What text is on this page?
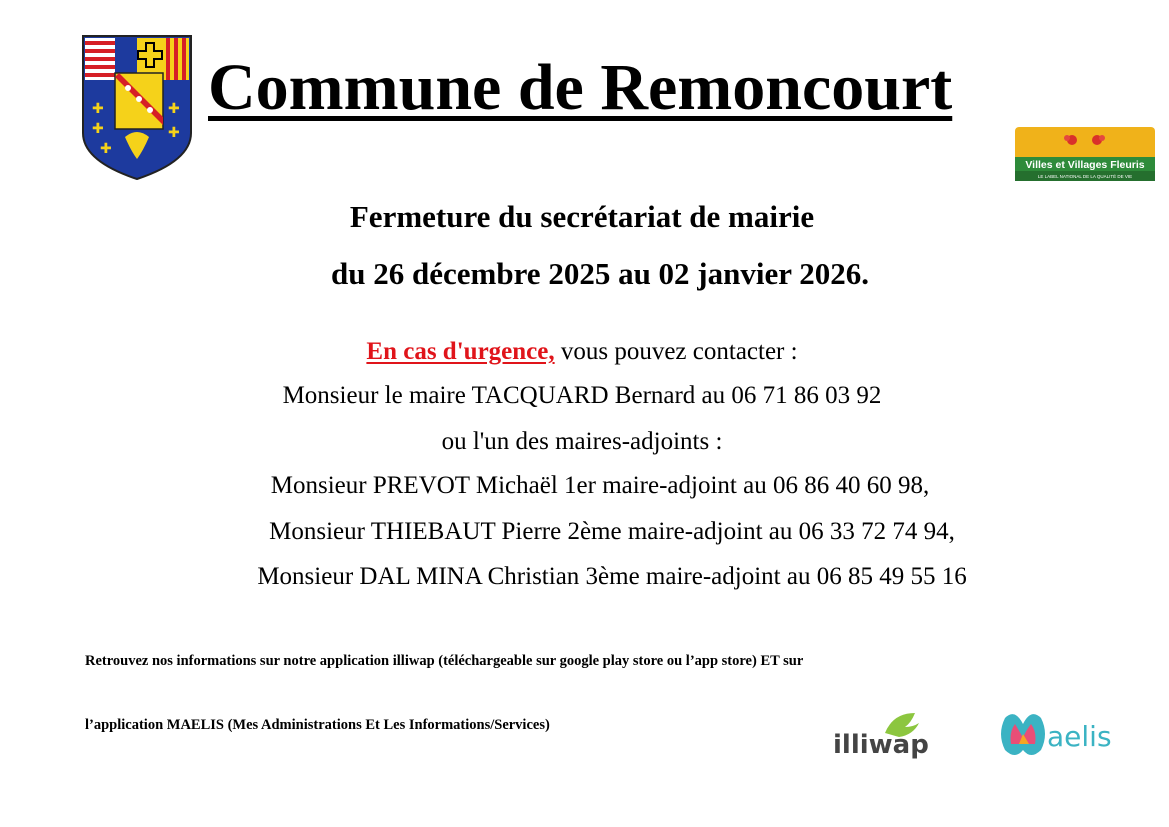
✚
✚
✚
✚
✚
Commune de Remoncourt
Villes et Villages Fleuris
LE LABEL NATIONAL DE LA QUALITÉ DE VIE
Fermeture du secrétariat de mairie
du 26 décembre 2025 au 02 janvier 2026.
En cas d'urgence, vous pouvez contacter :
Monsieur le maire TACQUARD Bernard au 06 71 86 03 92
ou l'un des maires-adjoints :
Monsieur PREVOT Michaël 1er maire-adjoint au 06 86 40 60 98,
Monsieur THIEBAUT Pierre 2ème maire-adjoint au 06 33 72 74 94,
Monsieur DAL MINA Christian 3ème maire-adjoint au 06 85 49 55 16
Retrouvez nos informations sur notre application illiwap (téléchargeable sur google play store ou l’app store) ET sur
l’application MAELIS (Mes Administrations Et Les Informations/Services)
illiwap	aelis
